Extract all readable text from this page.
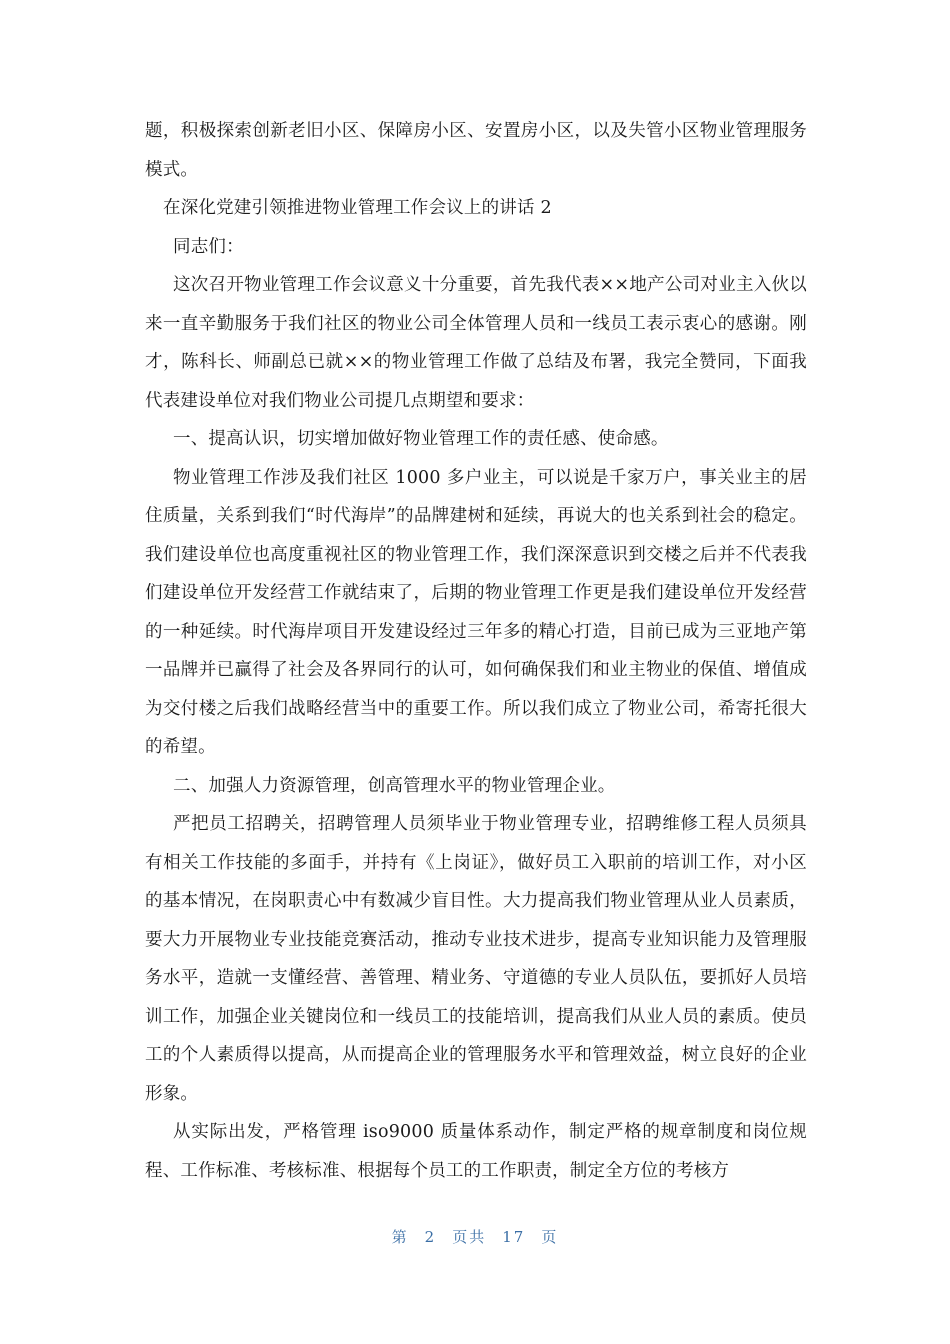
题，积极探索创新老旧小区、保障房小区、安置房小区，以及失管小区物业管理服务模式。

在深化党建引领推进物业管理工作会议上的讲话 2

同志们：

这次召开物业管理工作会议意义十分重要，首先我代表××地产公司对业主入伙以来一直辛勤服务于我们社区的物业公司全体管理人员和一线员工表示衷心的感谢。刚才，陈科长、师副总已就××的物业管理工作做了总结及布署，我完全赞同，下面我代表建设单位对我们物业公司提几点期望和要求：

一、提高认识，切实增加做好物业管理工作的责任感、使命感。

物业管理工作涉及我们社区 1000 多户业主，可以说是千家万户，事关业主的居住质量，关系到我们“时代海岸”的品牌建树和延续，再说大的也关系到社会的稳定。我们建设单位也高度重视社区的物业管理工作，我们深深意识到交楼之后并不代表我们建设单位开发经营工作就结束了，后期的物业管理工作更是我们建设单位开发经营的一种延续。时代海岸项目开发建设经过三年多的精心打造，目前已成为三亚地产第一品牌并已赢得了社会及各界同行的认可，如何确保我们和业主物业的保值、增值成为交付楼之后我们战略经营当中的重要工作。所以我们成立了物业公司，希寄托很大的希望。

二、加强人力资源管理，创高管理水平的物业管理企业。

严把员工招聘关，招聘管理人员须毕业于物业管理专业，招聘维修工程人员须具有相关工作技能的多面手，并持有《上岗证》，做好员工入职前的培训工作，对小区的基本情况，在岗职责心中有数减少盲目性。大力提高我们物业管理从业人员素质，要大力开展物业专业技能竞赛活动，推动专业技术进步，提高专业知识能力及管理服务水平，造就一支懂经营、善管理、精业务、守道德的专业人员队伍，要抓好人员培训工作，加强企业关键岗位和一线员工的技能培训，提高我们从业人员的素质。使员工的个人素质得以提高，从而提高企业的管理服务水平和管理效益，树立良好的企业形象。

从实际出发，严格管理 iso9000 质量体系动作，制定严格的规章制度和岗位规程、工作标准、考核标准、根据每个员工的工作职责，制定全方位的考核方

第 2 页共 17 页
